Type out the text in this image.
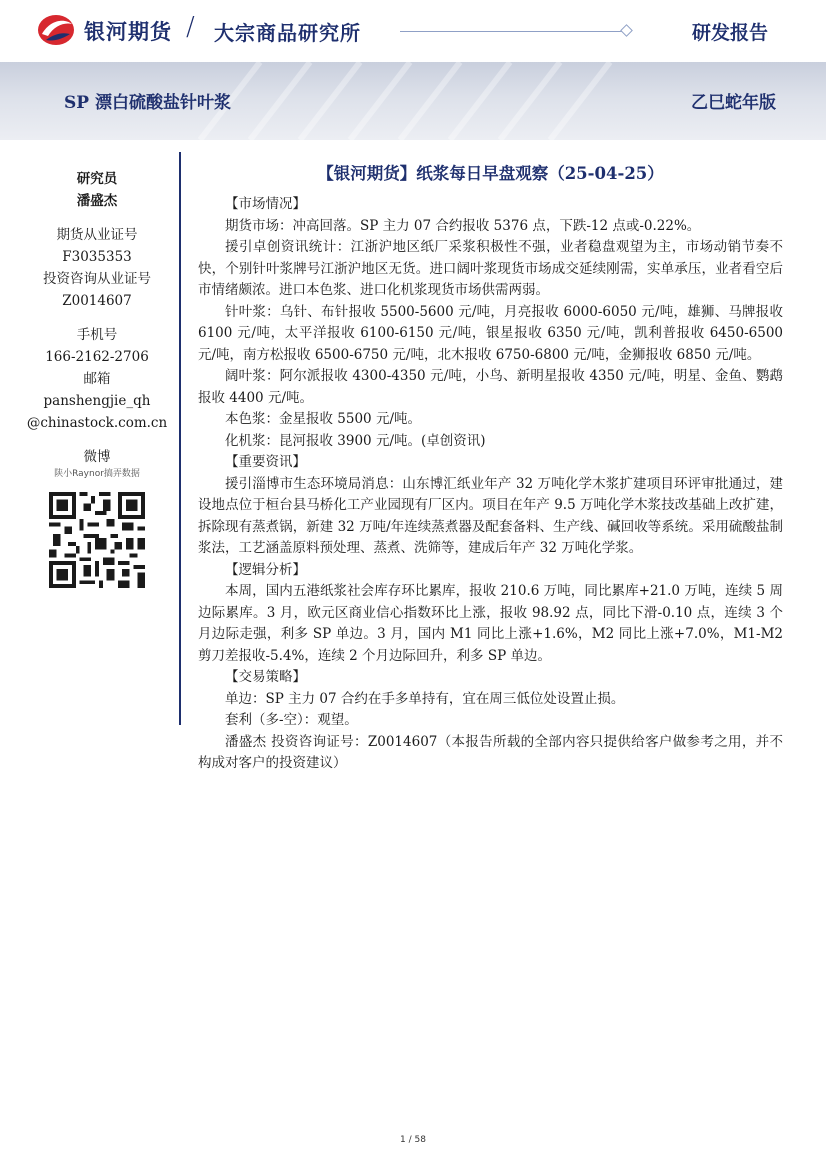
银河期货 / 大宗商品研究所	研发报告
SP 漂白硫酸盐针叶浆	乙巳蛇年版
研究员
潘盛杰
期货从业证号
F3035353
投资咨询从业证号
Z0014607
手机号
166-2162-2706
邮箱
panshengjie_qh
@chinastock.com.cn
微博
陕小Raynor搞弄数据
【银河期货】纸浆每日早盘观察（25-04-25）
【市场情况】
期货市场：冲高回落。SP 主力 07 合约报收 5376 点，下跌-12 点或-0.22%。
援引卓创资讯统计：江浙沪地区纸厂采浆积极性不强，业者稳盘观望为主，市场动销节奏不快，个别针叶浆牌号江浙沪地区无货。进口阔叶浆现货市场成交延续刚需，实单承压，业者看空后市情绪颇浓。进口本色浆、进口化机浆现货市场供需两弱。
针叶浆：乌针、布针报收 5500-5600 元/吨，月亮报收 6000-6050 元/吨，雄狮、马牌报收 6100 元/吨，太平洋报收 6100-6150 元/吨，银星报收 6350 元/吨，凯利普报收 6450-6500 元/吨，南方松报收 6500-6750 元/吨，北木报收 6750-6800 元/吨，金狮报收 6850 元/吨。
阔叶浆：阿尔派报收 4300-4350 元/吨，小鸟、新明星报收 4350 元/吨，明星、金鱼、鹦鹉报收 4400 元/吨。
本色浆：金星报收 5500 元/吨。
化机浆：昆河报收 3900 元/吨。(卓创资讯)
【重要资讯】
援引淄博市生态环境局消息：山东博汇纸业年产 32 万吨化学木浆扩建项目环评审批通过，建设地点位于桓台县马桥化工产业园现有厂区内。项目在年产 9.5 万吨化学木浆技改基础上改扩建，拆除现有蒸煮锅，新建 32 万吨/年连续蒸煮器及配套备料、生产线、碱回收等系统。采用硫酸盐制浆法，工艺涵盖原料预处理、蒸煮、洗筛等，建成后年产 32 万吨化学浆。
【逻辑分析】
本周，国内五港纸浆社会库存环比累库，报收 210.6 万吨，同比累库+21.0 万吨，连续 5 周边际累库。3 月，欧元区商业信心指数环比上涨，报收 98.92 点，同比下滑-0.10 点，连续 3 个月边际走强，利多 SP 单边。3 月，国内 M1 同比上涨+1.6%，M2 同比上涨+7.0%，M1-M2 剪刀差报收-5.4%，连续 2 个月边际回升，利多 SP 单边。
【交易策略】
单边：SP 主力 07 合约在手多单持有，宜在周三低位处设置止损。
套利（多-空）：观望。
潘盛杰 投资咨询证号：Z0014607（本报告所载的全部内容只提供给客户做参考之用，并不构成对客户的投资建议）
1 / 58
